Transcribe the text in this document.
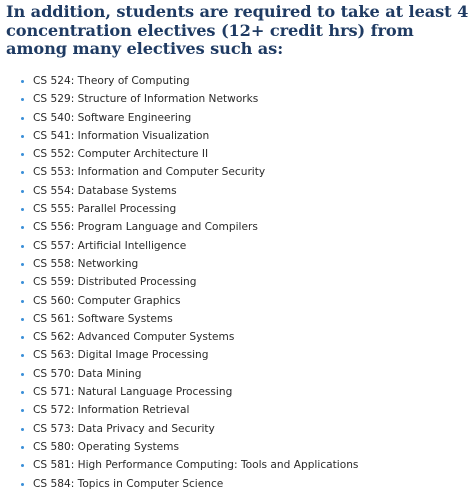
In addition, students are required to take at least 4 concentration electives (12+ credit hrs) from among many electives such as:
CS 524: Theory of Computing
CS 529: Structure of Information Networks
CS 540: Software Engineering
CS 541: Information Visualization
CS 552: Computer Architecture II
CS 553: Information and Computer Security
CS 554: Database Systems
CS 555: Parallel Processing
CS 556: Program Language and Compilers
CS 557: Artificial Intelligence
CS 558: Networking
CS 559: Distributed Processing
CS 560: Computer Graphics
CS 561: Software Systems
CS 562: Advanced Computer Systems
CS 563: Digital Image Processing
CS 570: Data Mining
CS 571: Natural Language Processing
CS 572: Information Retrieval
CS 573: Data Privacy and Security
CS 580: Operating Systems
CS 581: High Performance Computing: Tools and Applications
CS 584: Topics in Computer Science
